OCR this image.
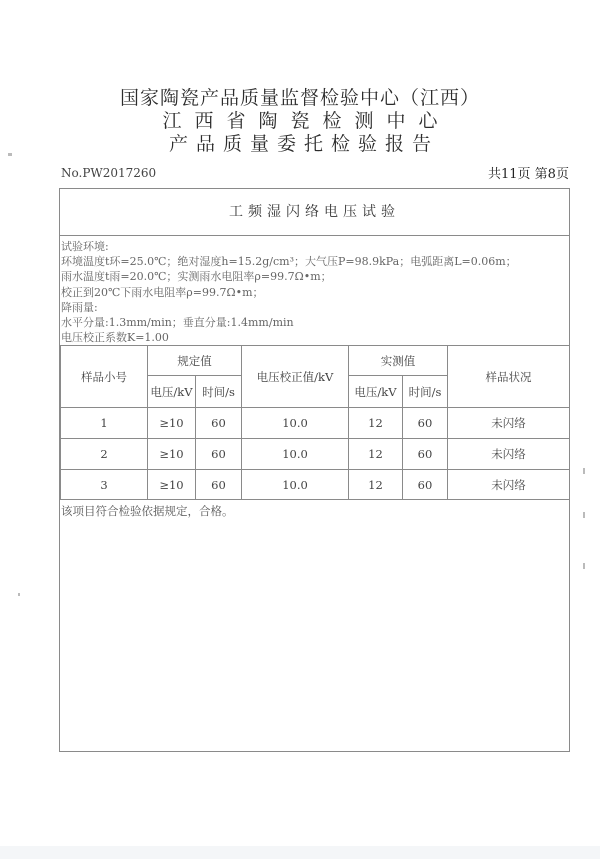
国家陶瓷产品质量监督检验中心（江西）
江西省陶瓷检测中心
产品质量委托检验报告
No.PW2017260	共11页 第8页
工频湿闪络电压试验
试验环境:
环境温度t环=25.0℃；绝对湿度h=15.2g/cm³；大气压P=98.9kPa；电弧距离L=0.06m；
雨水温度t雨=20.0℃；实测雨水电阻率ρ=99.7Ω•m；
校正到20℃下雨水电阻率ρ=99.7Ω•m；
降雨量:
水平分量:1.3mm/min；垂直分量:1.4mm/min
电压校正系数K=1.00
样品小号	规定值		电压校正值/kV	实测值		样品状况
	电压/kV	时间/s		电压/kV	时间/s	
1	≥10	60	10.0	12	60	未闪络
2	≥10	60	10.0	12	60	未闪络
3	≥10	60	10.0	12	60	未闪络
该项目符合检验依据规定，合格。
